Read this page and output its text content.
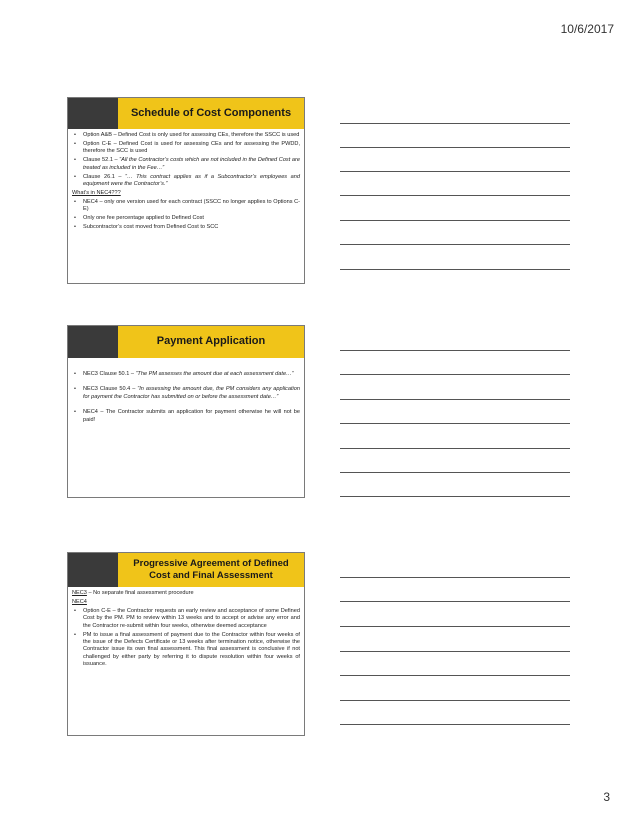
10/6/2017
Schedule of Cost Components
•	Option A&B – Defined Cost is only used for assessing CEs, therefore the SSCC is used
•	Option C-E – Defined Cost is used for assessing CEs and for assessing the PWDD, therefore the SCC is used
•	Clause 52.1 – “All the Contractor’s costs which are not included in the Defined Cost are treated as included in the Fee…”
•	Clause 26.1 – “… This contract applies as if a Subcontractor’s employees and equipment were the Contractor’s.”
What’s in NEC4???
•	NEC4 – only one version used for each contract (SSCC no longer applies to Options C-E)
•	Only one fee percentage applied to Defined Cost
•	Subcontractor’s cost moved from Defined Cost to SCC
Payment Application
•	NEC3 Clause 50.1 – “The PM assesses the amount due at each assessment date…”
•	NEC3 Clause 50.4 – “In assessing the amount due, the PM considers any application for payment the Contractor has submitted on or before the assessment date…”
•	NEC4 – The Contractor submits an application for payment otherwise he will not be paid!
Progressive Agreement of Defined Cost and Final Assessment
NEC3 – No separate final assessment procedure
NEC4
•	Option C-E – the Contractor requests an early review and acceptance of some Defined Cost by the PM. PM to review within 13 weeks and to accept or advise any error and the Contractor re-submit within four weeks, otherwise deemed acceptance
•	PM to issue a final assessment of payment due to the Contractor within four weeks of the issue of the Defects Certificate or 13 weeks after termination notice, otherwise the Contractor issue its own final assessment. This final assessment is conclusive if not challenged by either party by referring it to dispute resolution within four weeks of issuance.
3
